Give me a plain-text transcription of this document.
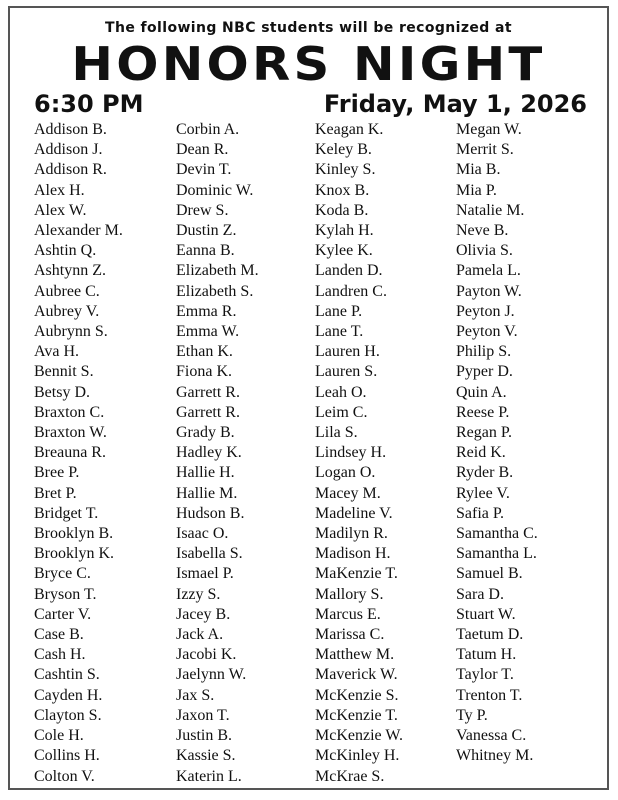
The following NBC students will be recognized at
HONORS NIGHT
6:30 PM	Friday, May 1, 2026
Addison B.
Addison J.
Addison R.
Alex H.
Alex W.
Alexander M.
Ashtin Q.
Ashtynn Z.
Aubree C.
Aubrey V.
Aubrynn S.
Ava H.
Bennit S.
Betsy D.
Braxton C.
Braxton W.
Breauna R.
Bree P.
Bret P.
Bridget T.
Brooklyn B.
Brooklyn K.
Bryce C.
Bryson T.
Carter V.
Case B.
Cash H.
Cashtin S.
Cayden H.
Clayton S.
Cole H.
Collins H.
Colton V.
Corbin A.
Dean R.
Devin T.
Dominic W.
Drew S.
Dustin Z.
Eanna B.
Elizabeth M.
Elizabeth S.
Emma R.
Emma W.
Ethan K.
Fiona K.
Garrett R.
Garrett R.
Grady B.
Hadley K.
Hallie H.
Hallie M.
Hudson B.
Isaac O.
Isabella S.
Ismael P.
Izzy S.
Jacey B.
Jack A.
Jacobi K.
Jaelynn W.
Jax S.
Jaxon T.
Justin B.
Kassie S.
Katerin L.
Keagan K.
Keley B.
Kinley S.
Knox B.
Koda B.
Kylah H.
Kylee K.
Landen D.
Landren C.
Lane P.
Lane T.
Lauren H.
Lauren S.
Leah O.
Leim C.
Lila S.
Lindsey H.
Logan O.
Macey M.
Madeline V.
Madilyn R.
Madison H.
MaKenzie T.
Mallory S.
Marcus E.
Marissa C.
Matthew M.
Maverick W.
McKenzie S.
McKenzie T.
McKenzie W.
McKinley H.
McKrae S.
Megan W.
Merrit S.
Mia B.
Mia P.
Natalie M.
Neve B.
Olivia S.
Pamela L.
Payton W.
Peyton J.
Peyton V.
Philip S.
Pyper D.
Quin A.
Reese P.
Regan P.
Reid K.
Ryder B.
Rylee V.
Safia P.
Samantha C.
Samantha L.
Samuel B.
Sara D.
Stuart W.
Taetum D.
Tatum H.
Taylor T.
Trenton T.
Ty P.
Vanessa C.
Whitney M.
